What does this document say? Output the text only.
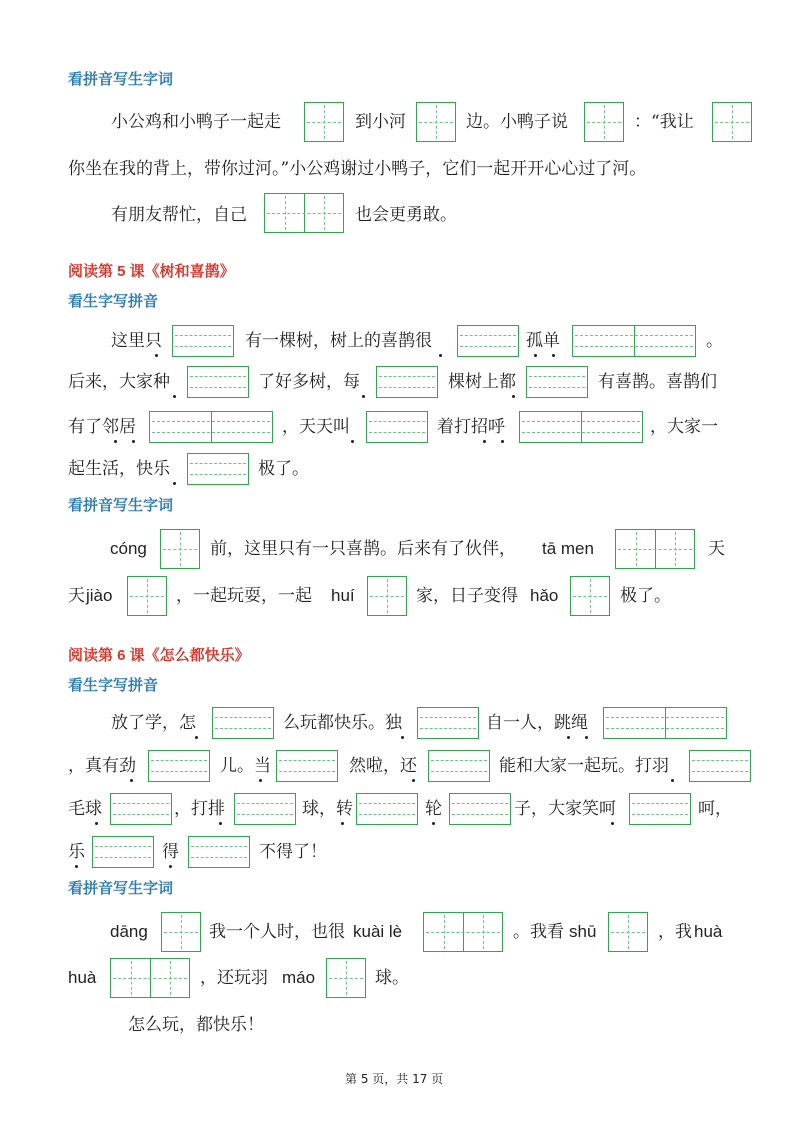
看拼音写生字词
小公鸡和小鸭子一起走	到小河	边。小鸭子说	：“我让
你坐在我的背上，带你过河。”小公鸡谢过小鸭子，它们一起开开心心过了河。
有朋友帮忙，自己	也会更勇敢。
阅读第 5 课《树和喜鹊》
看生字写拼音
这里只	有一棵树，树上的喜鹊很	孤单	。
后来，大家种	了好多树，每	棵树上都	有喜鹊。喜鹊们
有了邻居	，天天叫	着打招呼	，大家一
起生活，快乐	极了。
看拼音写生字词
cóng	前，这里只有一只喜鹊。后来有了伙伴， tā men	天
天 jiào	，一起玩耍，一起 huí	家，日子变得 hǎo	极了。
阅读第 6 课《怎么都快乐》
看生字写拼音
放了学，怎	么玩都快乐。独	自一人，跳绳
，真有劲	儿。当	然啦，还	能和大家一起玩。打羽
毛球	，打排	球，转	轮	子，大家笑呵	呵，
乐	得	不得了！
看拼音写生字词
dāng	我一个人时，也很 kuài lè	。我看 shū	，我 huà
huà	，还玩羽 máo	球。
怎么玩，都快乐！
第 5 页，共 17 页
